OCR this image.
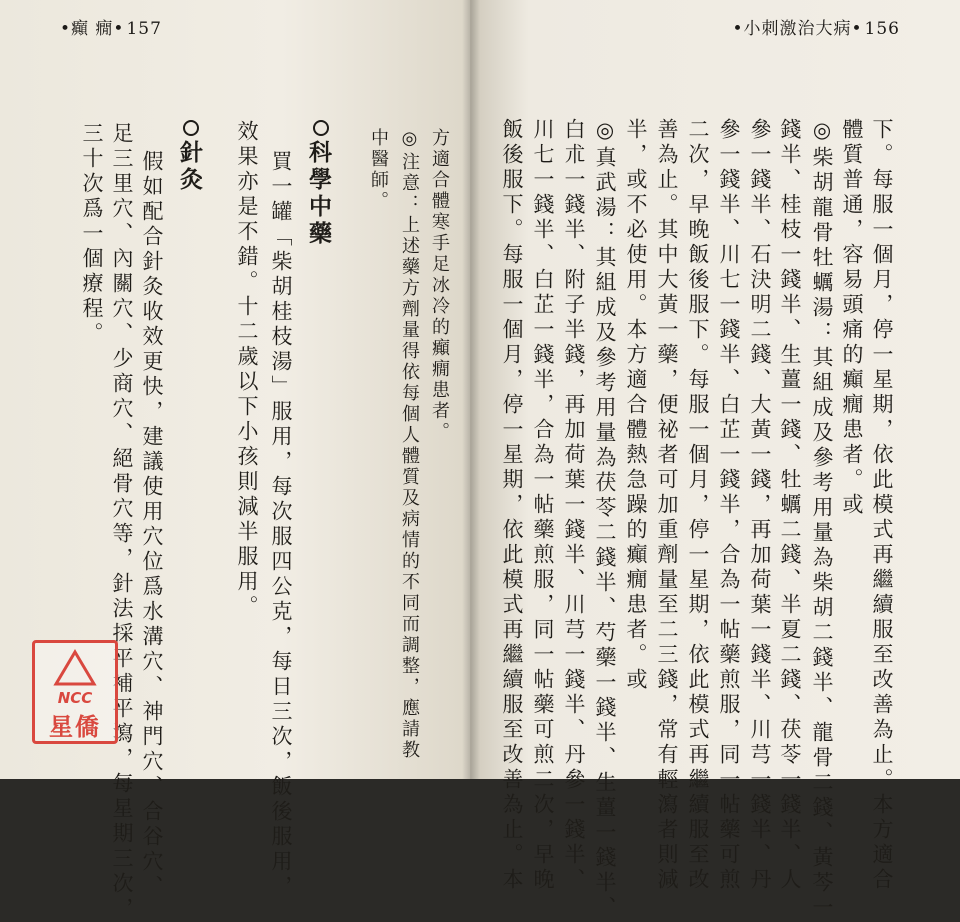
•癲 癇• 157
方適合體寒手足冰冷的癲癇患者。
◎注意：上述藥方劑量得依每個人體質及病情的不同而調整，應請教
中醫師。
科學中藥
買一罐「柴胡桂枝湯」服用，每次服四公克，每日三次，飯後服用，
效果亦是不錯。十二歲以下小孩則減半服用。
針灸
假如配合針灸收效更快，建議使用穴位爲水溝穴、神門穴、合谷穴、
足三里穴、內關穴、少商穴、絕骨穴等，針法採平補平瀉，每星期三次，
三十次爲一個療程。
NCC
星僑
•小刺激治大病• 156
下。每服一個月，停一星期，依此模式再繼續服至改善為止。本方適合
體質普通，容易頭痛的癲癇患者。或
◎柴胡龍骨牡蠣湯：其組成及參考用量為柴胡二錢半、龍骨二錢、黃芩一
錢半、桂枝一錢半、生薑一錢、牡蠣二錢、半夏二錢、茯苓一錢半、人
參一錢半、石決明二錢、大黃一錢，再加荷葉一錢半、川芎一錢半、丹
參一錢半、川七一錢半、白芷一錢半，合為一帖藥煎服，同一帖藥可煎
二次，早晚飯後服下。每服一個月，停一星期，依此模式再繼續服至改
善為止。其中大黃一藥，便祕者可加重劑量至二三錢，常有輕瀉者則減
半，或不必使用。本方適合體熱急躁的癲癇患者。或
◎真武湯：其組成及參考用量為茯苓二錢半、芍藥一錢半、生薑一錢半、
白朮一錢半、附子半錢，再加荷葉一錢半、川芎一錢半、丹參一錢半、
川七一錢半、白芷一錢半，合為一帖藥煎服，同一帖藥可煎二次，早晚
飯後服下。每服一個月，停一星期，依此模式再繼續服至改善為止。本
